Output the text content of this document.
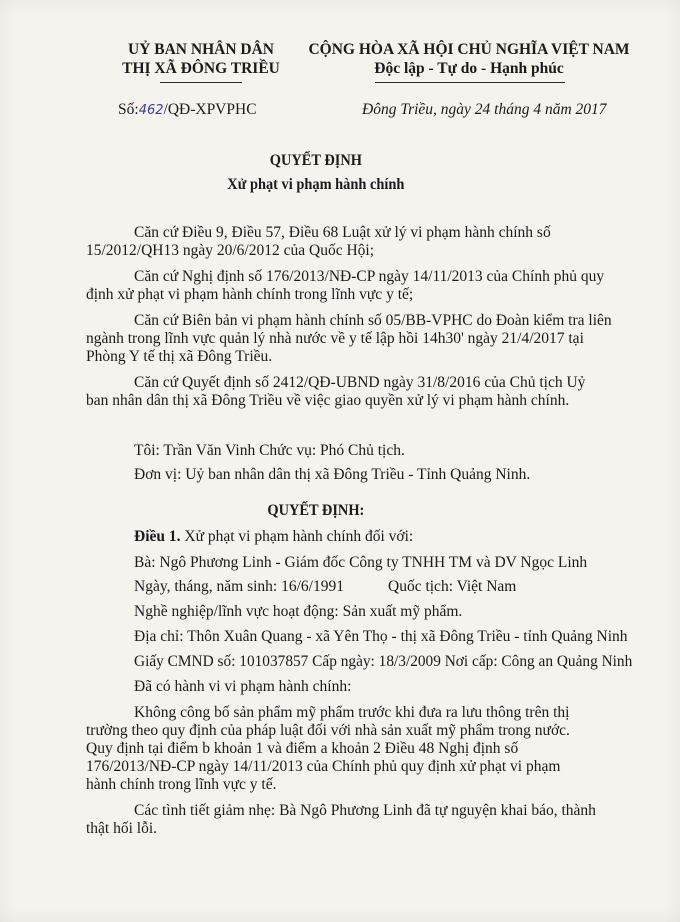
UỶ BAN NHÂN DÂN
THỊ XÃ ĐÔNG TRIỀU
CỘNG HÒA XÃ HỘI CHỦ NGHĨA VIỆT NAM
Độc lập - Tự do - Hạnh phúc
Số:462/QĐ-XPVPHC	Đông Triều, ngày 24 tháng 4 năm 2017
QUYẾT ĐỊNH
Xử phạt vi phạm hành chính
Căn cứ Điều 9, Điều 57, Điều 68 Luật xử lý vi phạm hành chính số
15/2012/QH13 ngày 20/6/2012 của Quốc Hội;
Căn cứ Nghị định số 176/2013/NĐ-CP ngày 14/11/2013 của Chính phủ quy
định xử phạt vi phạm hành chính trong lĩnh vực y tế;
Căn cứ Biên bản vi phạm hành chính số 05/BB-VPHC do Đoàn kiểm tra liên
ngành trong lĩnh vực quản lý nhà nước về y tế lập hồi 14h30' ngày 21/4/2017 tại
Phòng Y tế thị xã Đông Triều.
Căn cứ Quyết định số 2412/QĐ-UBND ngày 31/8/2016 của Chủ tịch Uỷ
ban nhân dân thị xã Đông Triều về việc giao quyền xử lý vi phạm hành chính.
Tôi: Trần Văn Vinh Chức vụ: Phó Chủ tịch.
Đơn vị: Uỷ ban nhân dân thị xã Đông Triều - Tỉnh Quảng Ninh.
QUYẾT ĐỊNH:
Điều 1. Xử phạt vi phạm hành chính đối với:
Bà: Ngô Phương Linh - Giám đốc Công ty TNHH TM và DV Ngọc Linh
Ngày, tháng, năm sinh: 16/6/1991	Quốc tịch: Việt Nam
Nghề nghiệp/lĩnh vực hoạt động: Sản xuất mỹ phẩm.
Địa chỉ: Thôn Xuân Quang - xã Yên Thọ - thị xã Đông Triều - tỉnh Quảng Ninh
Giấy CMND số: 101037857 Cấp ngày: 18/3/2009 Nơi cấp: Công an Quảng Ninh
Đã có hành vi vi phạm hành chính:
Không công bố sản phẩm mỹ phẩm trước khi đưa ra lưu thông trên thị
trường theo quy định của pháp luật đối với nhà sản xuất mỹ phẩm trong nước.
Quy định tại điểm b khoản 1 và điểm a khoản 2 Điều 48 Nghị định số
176/2013/NĐ-CP ngày 14/11/2013 của Chính phủ quy định xử phạt vi phạm
hành chính trong lĩnh vực y tế.
Các tình tiết giảm nhẹ: Bà Ngô Phương Linh đã tự nguyện khai báo, thành
thật hối lỗi.
